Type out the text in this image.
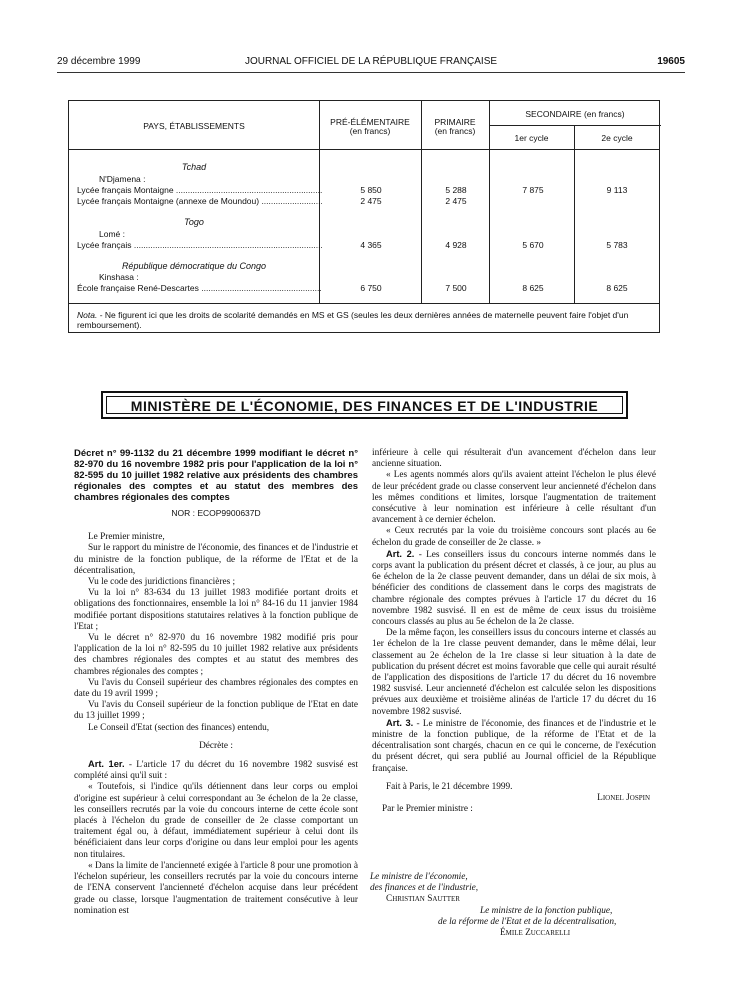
29 décembre 1999	JOURNAL OFFICIEL DE LA RÉPUBLIQUE FRANÇAISE	19605
PAYS, ÉTABLISSEMENTS	PRÉ-ÉLÉMENTAIRE
(en francs)
PRIMAIRE
(en francs)
SECONDAIRE (en francs)
1er cycle	2e cycle
Tchad
N'Djamena :
Lycée français Montaigne .....	5 850	5 288	7 875	9 113
Lycée français Montaigne (annexe de Moundou) .....	2 475	2 475
Togo
Lomé :
Lycée français .....	4 365	4 928	5 670	5 783
République démocratique du Congo
Kinshasa :
École française René-Descartes .....	6 750	7 500	8 625	8 625
Nota. - Ne figurent ici que les droits de scolarité demandés en MS et GS (seules les deux dernières années de maternelle peuvent faire l'objet d'un remboursement).
MINISTÈRE DE L'ÉCONOMIE, DES FINANCES ET DE L'INDUSTRIE

Décret n° 99-1132 du 21 décembre 1999 modifiant le décret n° 82-970 du 16 novembre 1982 pris pour l'application de la loi n° 82-595 du 10 juillet 1982 relative aux présidents des chambres régionales des comptes et au statut des membres des chambres régionales des comptes

NOR : ECOP9900637D

Le Premier ministre,

Sur le rapport du ministre de l'économie, des finances et de l'industrie et du ministre de la fonction publique, de la réforme de l'Etat et de la décentralisation,

Vu le code des juridictions financières ;

Vu la loi n° 83-634 du 13 juillet 1983 modifiée portant droits et obligations des fonctionnaires, ensemble la loi n° 84-16 du 11 janvier 1984 modifiée portant dispositions statutaires relatives à la fonction publique de l'Etat ;

Vu le décret n° 82-970 du 16 novembre 1982 modifié pris pour l'application de la loi n° 82-595 du 10 juillet 1982 relative aux présidents des chambres régionales des comptes et au statut des membres des chambres régionales des comptes ;

Vu l'avis du Conseil supérieur des chambres régionales des comptes en date du 19 avril 1999 ;

Vu l'avis du Conseil supérieur de la fonction publique de l'Etat en date du 13 juillet 1999 ;

Le Conseil d'Etat (section des finances) entendu,

Décrète :

Art. 1er. - L'article 17 du décret du 16 novembre 1982 susvisé est complété ainsi qu'il suit :

« Toutefois, si l'indice qu'ils détiennent dans leur corps ou emploi d'origine est supérieur à celui correspondant au 3e échelon de la 2e classe, les conseillers recrutés par la voie du concours interne de cette école sont placés à l'échelon du grade de conseiller de 2e classe comportant un traitement égal ou, à défaut, immédiatement supérieur à celui dont ils bénéficiaient dans leur corps d'origine ou dans leur emploi pour les agents non titulaires.

« Dans la limite de l'ancienneté exigée à l'article 8 pour une promotion à l'échelon supérieur, les conseillers recrutés par la voie du concours interne de l'ENA conservent l'ancienneté d'échelon acquise dans leur précédent grade ou classe, lorsque l'augmentation de traitement consécutive à leur nomination est

inférieure à celle qui résulterait d'un avancement d'échelon dans leur ancienne situation.

« Les agents nommés alors qu'ils avaient atteint l'échelon le plus élevé de leur précédent grade ou classe conservent leur ancienneté d'échelon dans les mêmes conditions et limites, lorsque l'augmentation de traitement consécutive à leur nomination est inférieure à celle résultant d'un avancement à ce dernier échelon.

« Ceux recrutés par la voie du troisième concours sont placés au 6e échelon du grade de conseiller de 2e classe. »

Art. 2. - Les conseillers issus du concours interne nommés dans le corps avant la publication du présent décret et classés, à ce jour, au plus au 6e échelon de la 2e classe peuvent demander, dans un délai de six mois, à bénéficier des conditions de classement dans le corps des magistrats de chambre régionale des comptes prévues à l'article 17 du décret du 16 novembre 1982 susvisé. Il en est de même de ceux issus du troisième concours classés au plus au 5e échelon de la 2e classe.

De la même façon, les conseillers issus du concours interne et classés au 1er échelon de la 1re classe peuvent demander, dans le même délai, leur classement au 2e échelon de la 1re classe si leur situation à la date de publication du présent décret est moins favorable que celle qui aurait résulté de l'application des dispositions de l'article 17 du décret du 16 novembre 1982 susvisé. Leur ancienneté d'échelon est calculée selon les dispositions prévues aux deuxième et troisième alinéas de l'article 17 du décret du 16 novembre 1982 susvisé.

Art. 3. - Le ministre de l'économie, des finances et de l'industrie et le ministre de la fonction publique, de la réforme de l'Etat et de la décentralisation sont chargés, chacun en ce qui le concerne, de l'exécution du présent décret, qui sera publié au Journal officiel de la République française.

Fait à Paris, le 21 décembre 1999.

Lionel Jospin

Par le Premier ministre :

Le ministre de l'économie,

des finances et de l'industrie,

Christian Sautter

Le ministre de la fonction publique,

de la réforme de l'Etat et de la décentralisation,

Émile Zuccarelli
